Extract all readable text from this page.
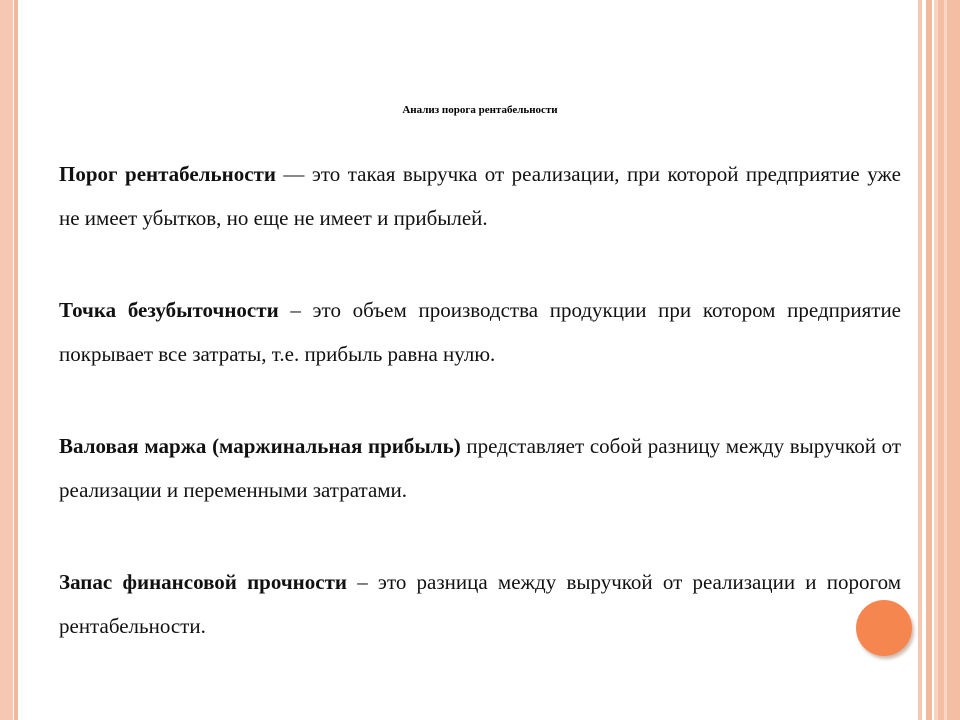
Анализ порога рентабельности

Порог рентабельности — это такая выручка от реализации, при которой предприятие уже не имеет убытков, но еще не имеет и прибылей.

Точка безубыточности – это объем производства продукции при котором предприятие покрывает все затраты, т.е. прибыль равна нулю.

Валовая маржа (маржинальная прибыль) представляет собой разницу между выручкой от реализации и переменными затратами.

Запас финансовой прочности – это разница между выручкой от реализации и порогом рентабельности.
